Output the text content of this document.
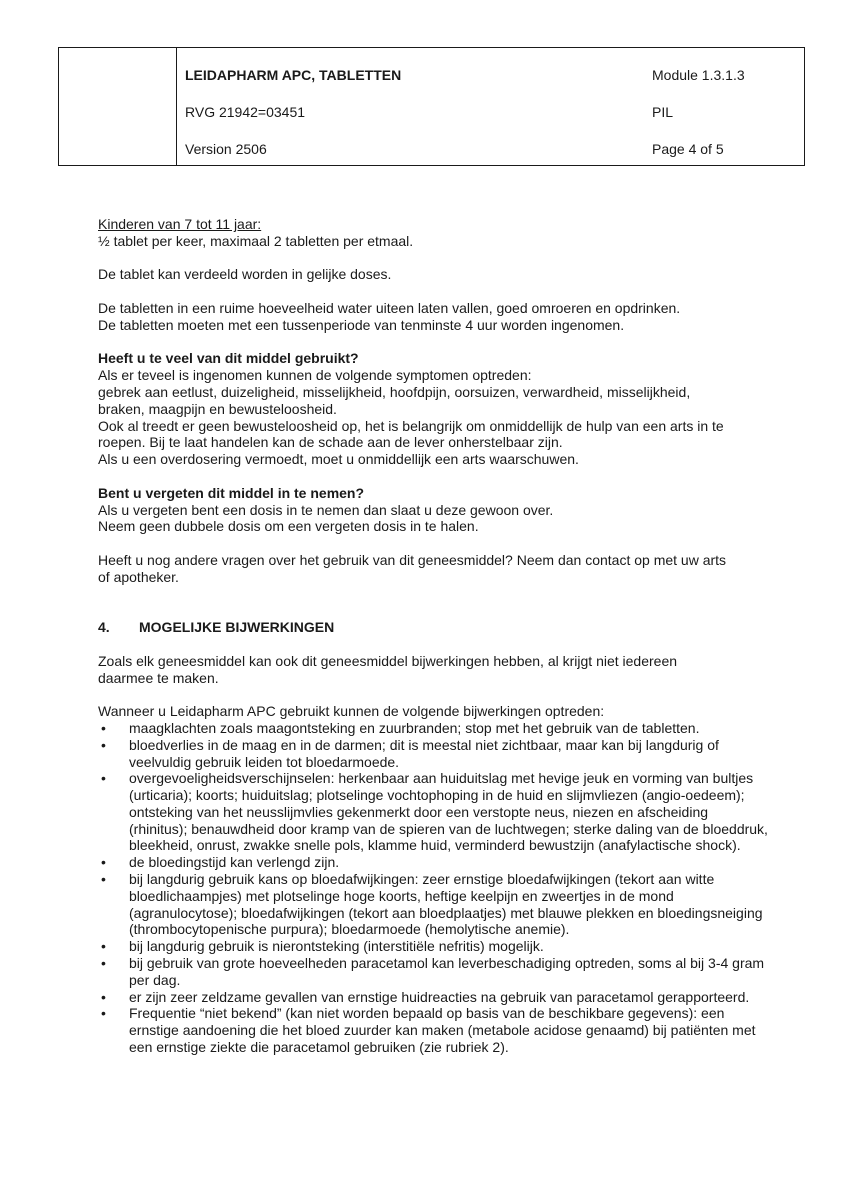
LEIDAPHARM APC, TABLETTEN	Module 1.3.1.3
RVG 21942=03451	PIL
Version 2506	Page 4 of 5
Kinderen van 7 tot 11 jaar:
½ tablet per keer, maximaal 2 tabletten per etmaal.
De tablet kan verdeeld worden in gelijke doses.
De tabletten in een ruime hoeveelheid water uiteen laten vallen, goed omroeren en opdrinken.
De tabletten moeten met een tussenperiode van tenminste 4 uur worden ingenomen.
Heeft u te veel van dit middel gebruikt?
Als er teveel is ingenomen kunnen de volgende symptomen optreden:
gebrek aan eetlust, duizeligheid, misselijkheid, hoofdpijn, oorsuizen, verwardheid, misselijkheid,
braken, maagpijn en bewusteloosheid.
Ook al treedt er geen bewusteloosheid op, het is belangrijk om onmiddellijk de hulp van een arts in te
roepen. Bij te laat handelen kan de schade aan de lever onherstelbaar zijn.
Als u een overdosering vermoedt, moet u onmiddellijk een arts waarschuwen.
Bent u vergeten dit middel in te nemen?
Als u vergeten bent een dosis in te nemen dan slaat u deze gewoon over.
Neem geen dubbele dosis om een vergeten dosis in te halen.
Heeft u nog andere vragen over het gebruik van dit geneesmiddel? Neem dan contact op met uw arts
of apotheker.
4.	MOGELIJKE BIJWERKINGEN
Zoals elk geneesmiddel kan ook dit geneesmiddel bijwerkingen hebben, al krijgt niet iedereen
daarmee te maken.
Wanneer u Leidapharm APC gebruikt kunnen de volgende bijwerkingen optreden:
• maagklachten zoals maagontsteking en zuurbranden; stop met het gebruik van de tabletten.
• bloedverlies in de maag en in de darmen; dit is meestal niet zichtbaar, maar kan bij langdurig of veelvuldig gebruik leiden tot bloedarmoede.
• overgevoeligheidsverschijnselen: herkenbaar aan huiduitslag met hevige jeuk en vorming van bultjes (urticaria); koorts; huiduitslag; plotselinge vochtophoping in de huid en slijmvliezen (angio-oedeem); ontsteking van het neusslijmvlies gekenmerkt door een verstopte neus, niezen en afscheiding (rhinitus); benauwdheid door kramp van de spieren van de luchtwegen; sterke daling van de bloeddruk, bleekheid, onrust, zwakke snelle pols, klamme huid, verminderd bewustzijn (anafylactische shock).
• de bloedingstijd kan verlengd zijn.
• bij langdurig gebruik kans op bloedafwijkingen: zeer ernstige bloedafwijkingen (tekort aan witte bloedlichaampjes) met plotselinge hoge koorts, heftige keelpijn en zweertjes in de mond (agranulocytose); bloedafwijkingen (tekort aan bloedplaatjes) met blauwe plekken en bloedingsneiging (thrombocytopenische purpura); bloedarmoede (hemolytische anemie).
• bij langdurig gebruik is nierontsteking (interstitiële nefritis) mogelijk.
• bij gebruik van grote hoeveelheden paracetamol kan leverbeschadiging optreden, soms al bij 3-4 gram per dag.
• er zijn zeer zeldzame gevallen van ernstige huidreacties na gebruik van paracetamol gerapporteerd.
• Frequentie “niet bekend” (kan niet worden bepaald op basis van de beschikbare gegevens): een ernstige aandoening die het bloed zuurder kan maken (metabole acidose genaamd) bij patiënten met een ernstige ziekte die paracetamol gebruiken (zie rubriek 2).
